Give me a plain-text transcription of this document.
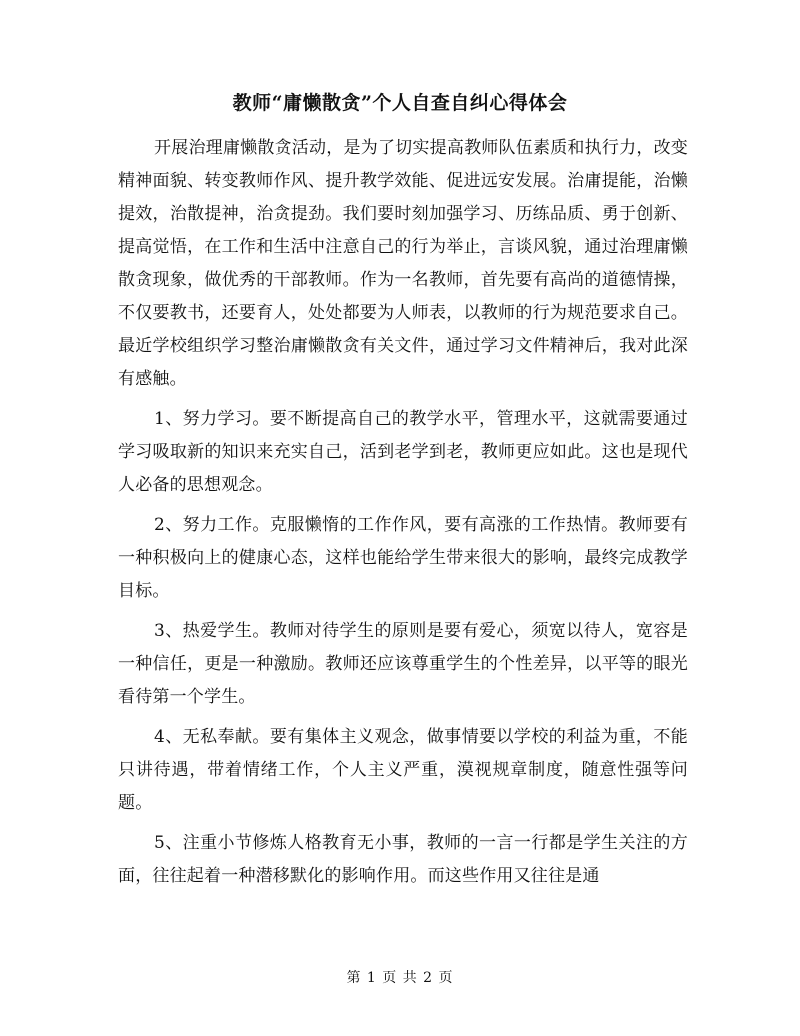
教师“庸懒散贪”个人自查自纠心得体会

开展治理庸懒散贪活动，是为了切实提高教师队伍素质和执行力，改变精神面貌、转变教师作风、提升教学效能、促进远安发展。治庸提能，治懒提效，治散提神，治贪提劲。我们要时刻加强学习、历练品质、勇于创新、提高觉悟，在工作和生活中注意自己的行为举止，言谈风貌，通过治理庸懒散贪现象，做优秀的干部教师。作为一名教师，首先要有高尚的道德情操，不仅要教书，还要育人，处处都要为人师表，以教师的行为规范要求自己。最近学校组织学习整治庸懒散贪有关文件，通过学习文件精神后，我对此深有感触。

1、努力学习。要不断提高自己的教学水平，管理水平，这就需要通过学习吸取新的知识来充实自己，活到老学到老，教师更应如此。这也是现代人必备的思想观念。

2、努力工作。克服懒惰的工作作风，要有高涨的工作热情。教师要有一种积极向上的健康心态，这样也能给学生带来很大的影响，最终完成教学目标。

3、热爱学生。教师对待学生的原则是要有爱心，须宽以待人，宽容是一种信任，更是一种激励。教师还应该尊重学生的个性差异，以平等的眼光看待第一个学生。

4、无私奉献。要有集体主义观念，做事情要以学校的利益为重，不能只讲待遇，带着情绪工作，个人主义严重，漠视规章制度，随意性强等问题。

5、注重小节修炼人格教育无小事，教师的一言一行都是学生关注的方面，往往起着一种潜移默化的影响作用。而这些作用又往往是通

第 1 页 共 2 页
